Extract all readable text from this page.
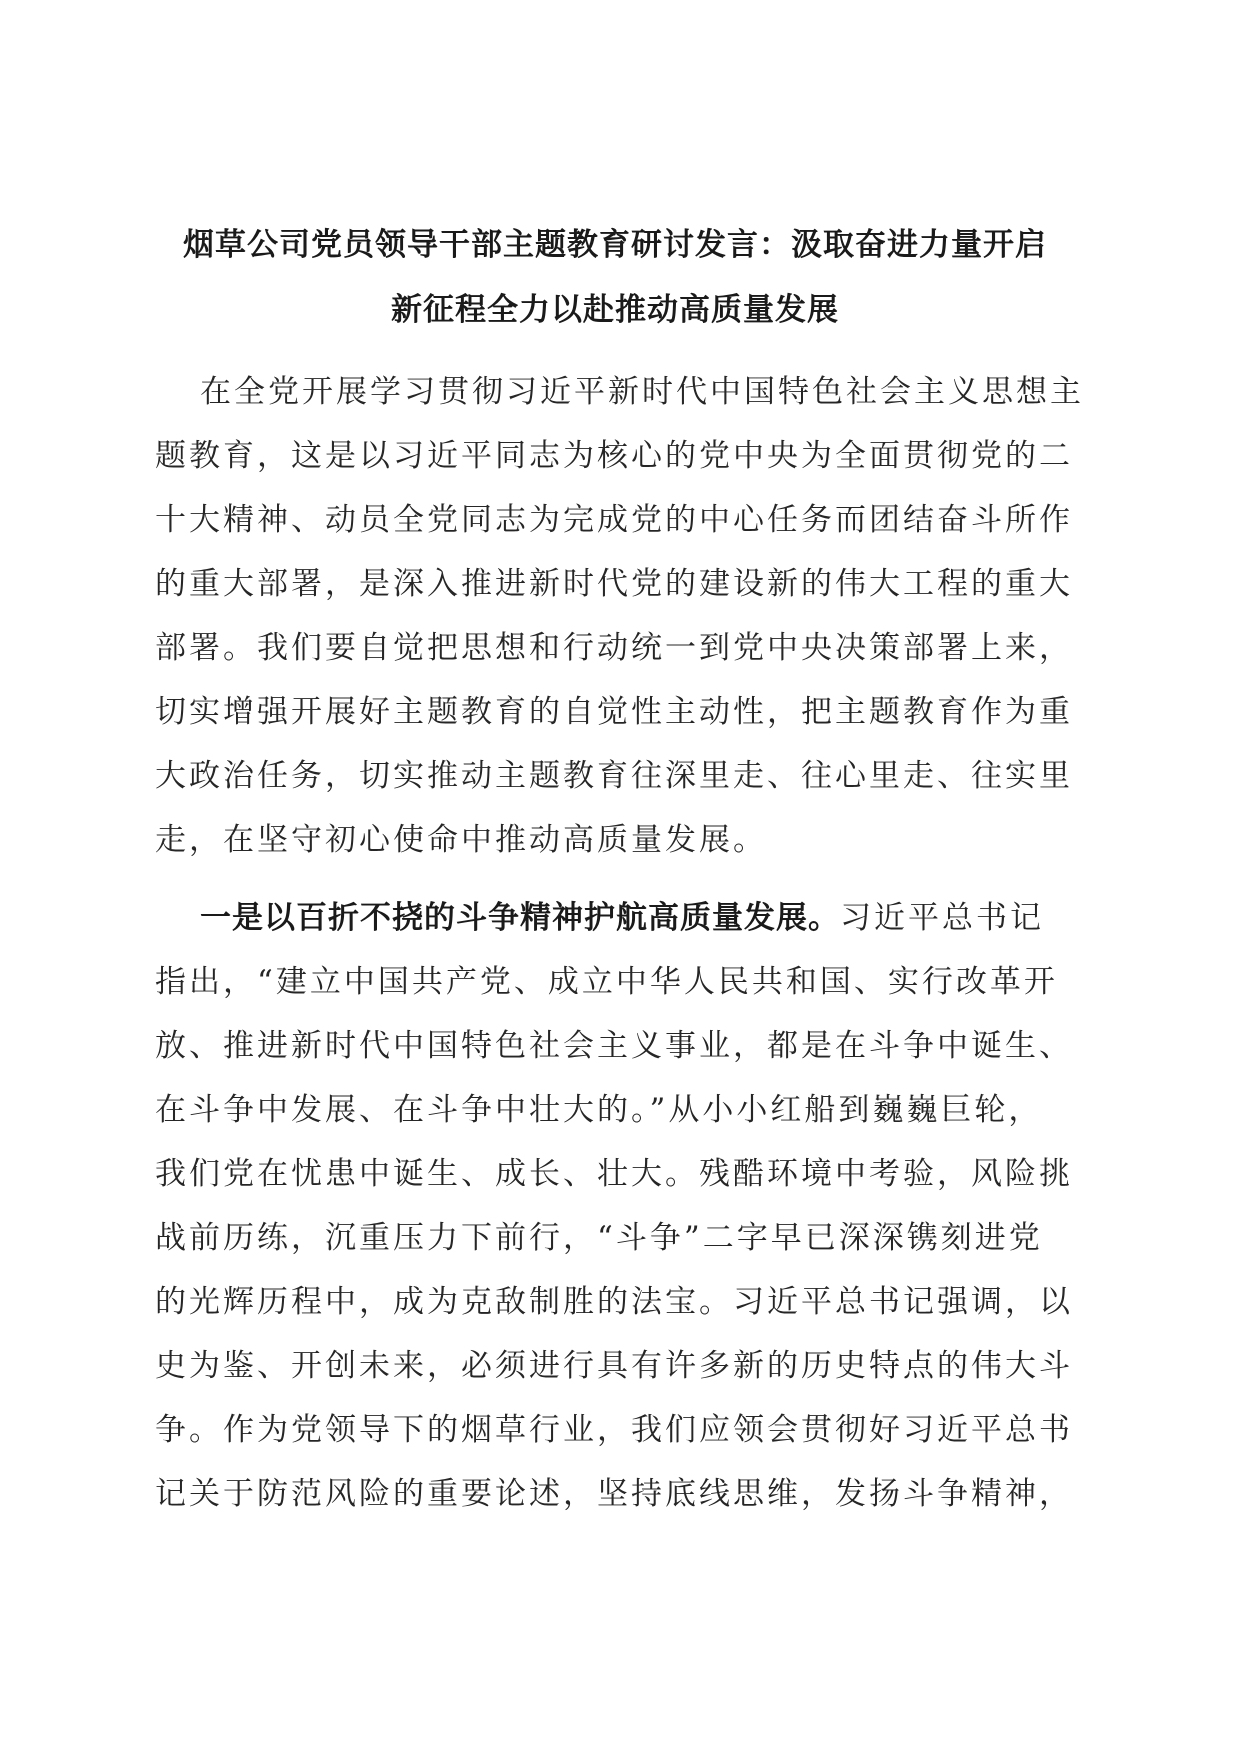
烟草公司党员领导干部主题教育研讨发言：汲取奋进力量开启
新征程全力以赴推动高质量发展
在全党开展学习贯彻习近平新时代中国特色社会主义思想主
题教育，这是以习近平同志为核心的党中央为全面贯彻党的二
十大精神、动员全党同志为完成党的中心任务而团结奋斗所作
的重大部署，是深入推进新时代党的建设新的伟大工程的重大
部署。我们要自觉把思想和行动统一到党中央决策部署上来，
切实增强开展好主题教育的自觉性主动性，把主题教育作为重
大政治任务，切实推动主题教育往深里走、往心里走、往实里
走，在坚守初心使命中推动高质量发展。
一是以百折不挠的斗争精神护航高质量发展。习近平总书记
指出，“建立中国共产党、成立中华人民共和国、实行改革开
放、推进新时代中国特色社会主义事业，都是在斗争中诞生、
在斗争中发展、在斗争中壮大的。”从小小红船到巍巍巨轮，
我们党在忧患中诞生、成长、壮大。残酷环境中考验，风险挑
战前历练，沉重压力下前行，“斗争”二字早已深深镌刻进党
的光辉历程中，成为克敌制胜的法宝。习近平总书记强调，以
史为鉴、开创未来，必须进行具有许多新的历史特点的伟大斗
争。作为党领导下的烟草行业，我们应领会贯彻好习近平总书
记关于防范风险的重要论述，坚持底线思维，发扬斗争精神，
